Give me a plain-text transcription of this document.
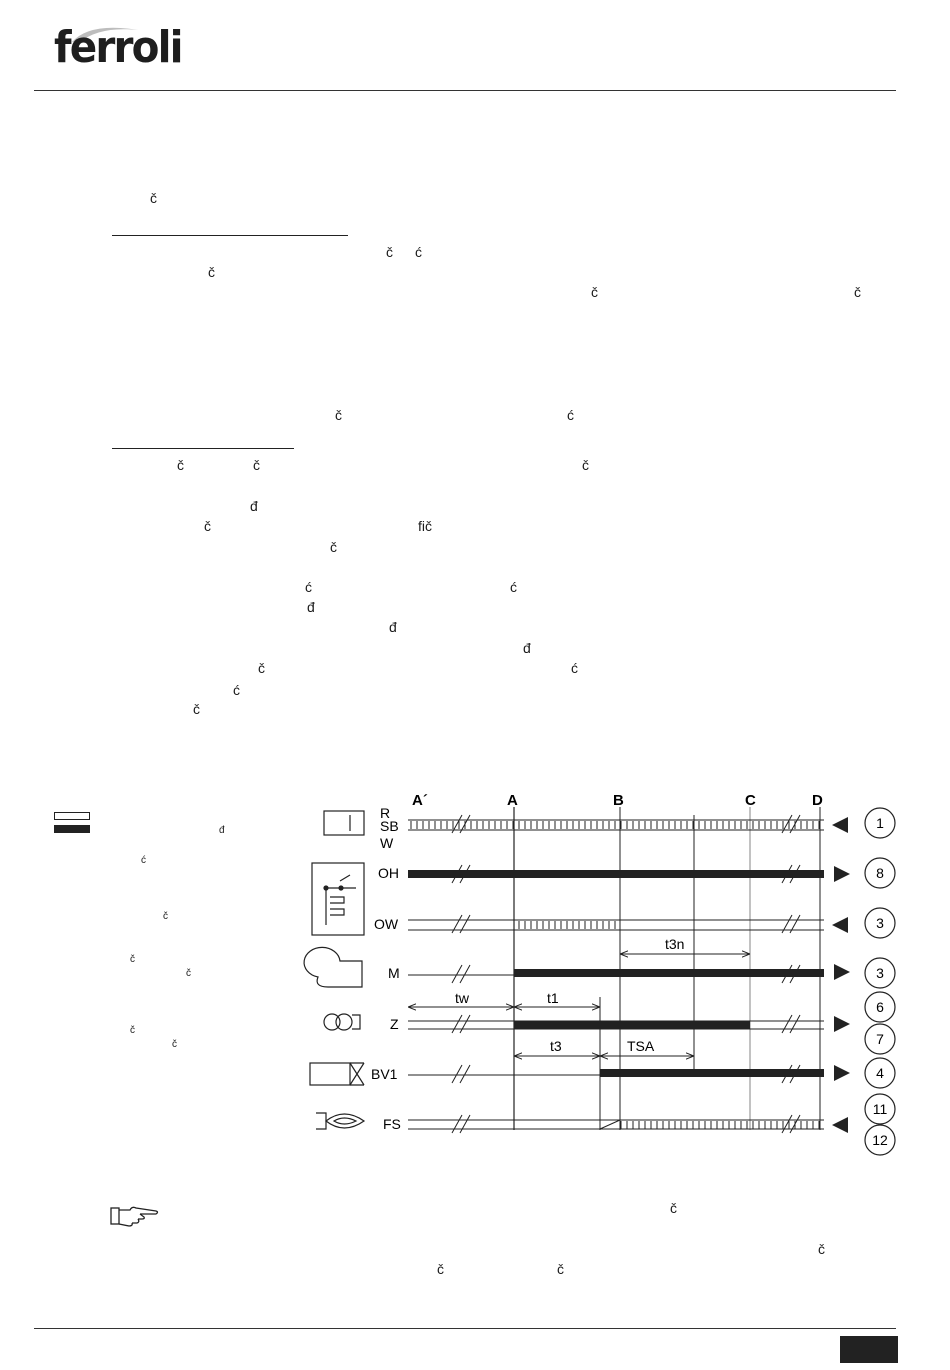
ferroli
č
č ć
č
č	č
č	ć
č	č	č
đ
č	fič
č
ć	ć
đ
đ
đ
č	ć
ć
č
đ
ć
č
č
č
č
č
A´	A	B	C	D
R
SB
W
OH
OW
M
Z
BV1
FS
t3n
tw	t1
t3	TSA
1
8
3
3
6
7
4
11
12
č
č
č	č
